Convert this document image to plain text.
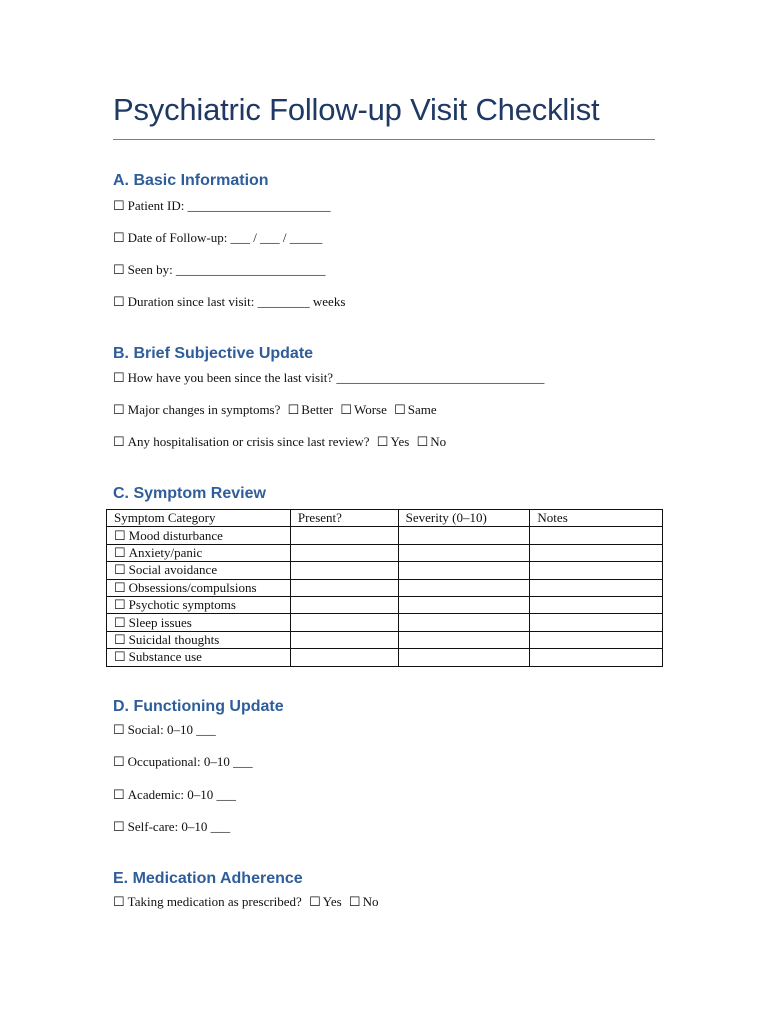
Psychiatric Follow-up Visit Checklist
A. Basic Information
☐ Patient ID: ______________________
☐ Date of Follow-up: ___ / ___ / _____
☐ Seen by: _______________________
☐ Duration since last visit: ________ weeks
B. Brief Subjective Update
☐ How have you been since the last visit? ________________________________
☐ Major changes in symptoms? ☐ Better ☐ Worse ☐ Same
☐ Any hospitalisation or crisis since last review? ☐ Yes ☐ No
C. Symptom Review
Symptom Category	Present?	Severity (0–10)	Notes
☐ Mood disturbance			
☐ Anxiety/panic			
☐ Social avoidance			
☐ Obsessions/compulsions			
☐ Psychotic symptoms			
☐ Sleep issues			
☐ Suicidal thoughts			
☐ Substance use			
D. Functioning Update
☐ Social: 0–10 ___
☐ Occupational: 0–10 ___
☐ Academic: 0–10 ___
☐ Self-care: 0–10 ___
E. Medication Adherence
☐ Taking medication as prescribed? ☐ Yes ☐ No
